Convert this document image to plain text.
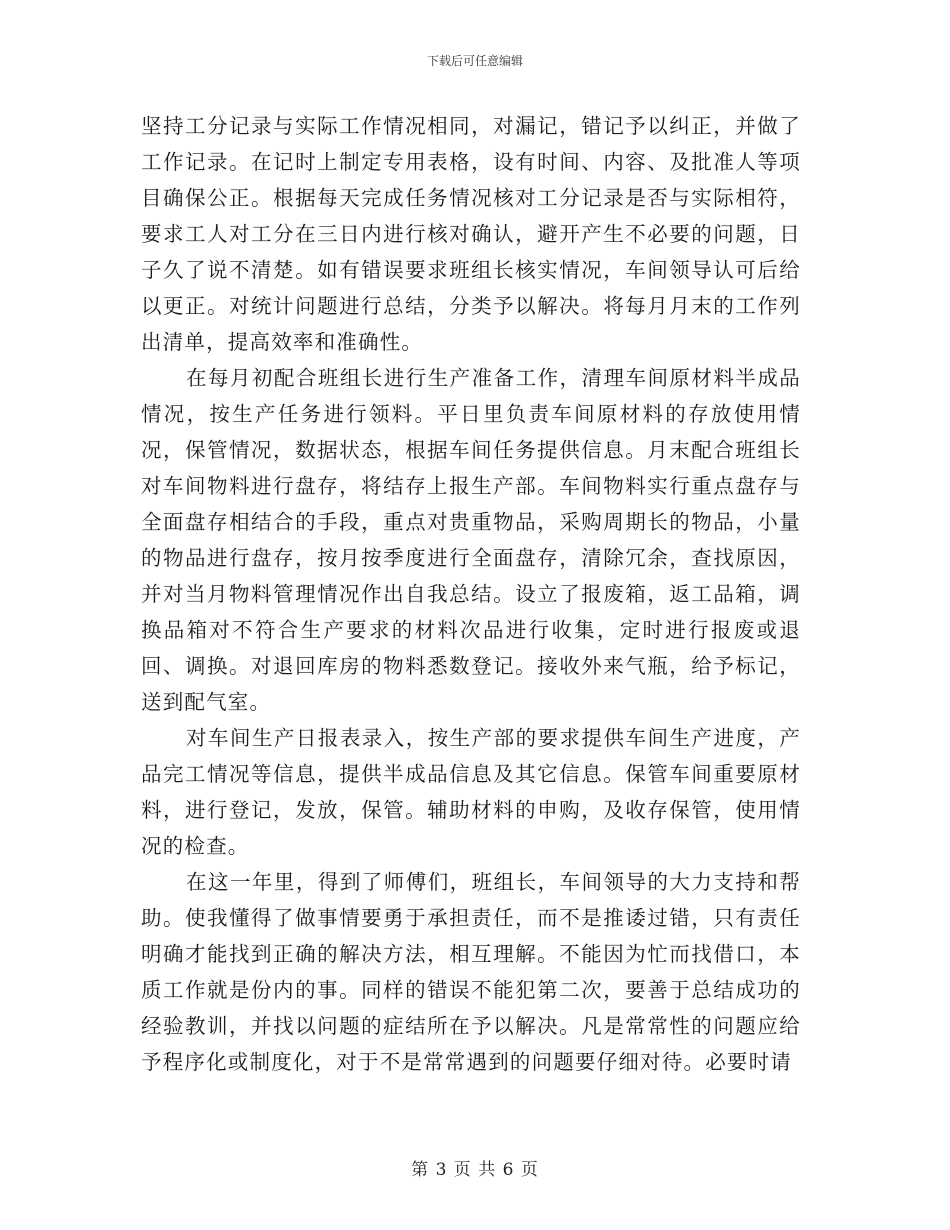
下载后可任意编辑

坚持工分记录与实际工作情况相同，对漏记，错记予以纠正，并做了工作记录。在记时上制定专用表格，设有时间、内容、及批准人等项目确保公正。根据每天完成任务情况核对工分记录是否与实际相符，要求工人对工分在三日内进行核对确认，避开产生不必要的问题，日子久了说不清楚。如有错误要求班组长核实情况，车间领导认可后给以更正。对统计问题进行总结，分类予以解决。将每月月末的工作列出清单，提高效率和准确性。

在每月初配合班组长进行生产准备工作，清理车间原材料半成品情况，按生产任务进行领料。平日里负责车间原材料的存放使用情况，保管情况，数据状态，根据车间任务提供信息。月末配合班组长对车间物料进行盘存，将结存上报生产部。车间物料实行重点盘存与全面盘存相结合的手段，重点对贵重物品，采购周期长的物品，小量的物品进行盘存，按月按季度进行全面盘存，清除冗余，查找原因，并对当月物料管理情况作出自我总结。设立了报废箱，返工品箱，调换品箱对不符合生产要求的材料次品进行收集，定时进行报废或退回、调换。对退回库房的物料悉数登记。接收外来气瓶，给予标记，送到配气室。

对车间生产日报表录入，按生产部的要求提供车间生产进度，产品完工情况等信息，提供半成品信息及其它信息。保管车间重要原材料，进行登记，发放，保管。辅助材料的申购，及收存保管，使用情况的检查。

在这一年里，得到了师傅们，班组长，车间领导的大力支持和帮助。使我懂得了做事情要勇于承担责任，而不是推诿过错，只有责任明确才能找到正确的解决方法，相互理解。不能因为忙而找借口，本质工作就是份内的事。同样的错误不能犯第二次，要善于总结成功的经验教训，并找以问题的症结所在予以解决。凡是常常性的问题应给予程序化或制度化，对于不是常常遇到的问题要仔细对待。必要时请

第 3 页 共 6 页
